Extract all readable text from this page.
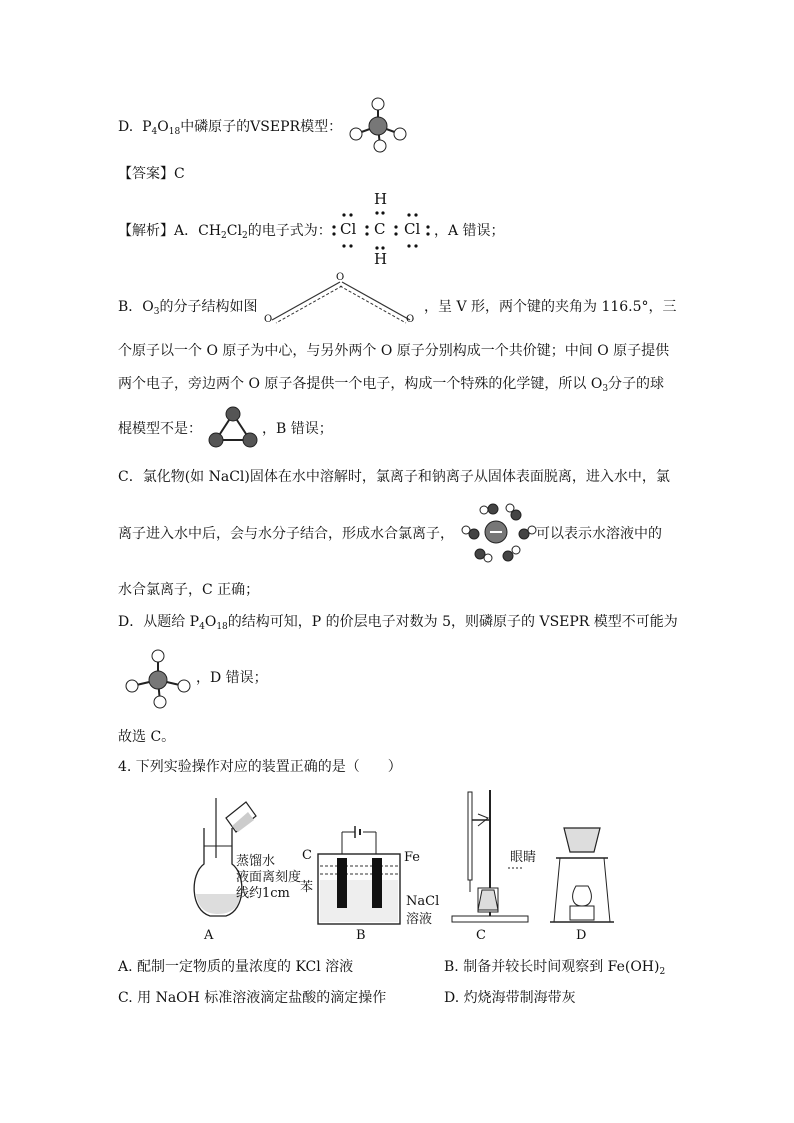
D. $P_4O_{18}$中磷原子的VSEPR模型：
【答案】C
【解析】A．$CH_2Cl_2$的电子式为：
H
Cl C Cl
H
，A 错误；
B．$O_3$的分子结构如图
O
O	O
，呈 V 形，两个键的夹角为 116.5°，三
个原子以一个 O 原子为中心，与另外两个 O 原子分别构成一个共价键；中间 O 原子提供
两个电子，旁边两个 O 原子各提供一个电子，构成一个特殊的化学键，所以 $O_3$分子的球
棍模型不是：	，B 错误；
C．氯化物(如 NaCl)固体在水中溶解时，氯离子和钠离子从固体表面脱离，进入水中，氯
离子进入水中后，会与水分子结合，形成水合氯离子，	可以表示水溶液中的
水合氯离子，C 正确；
D．从题给 $P_4O_{18}$的结构可知，P 的价层电子对数为 5，则磷原子的 VSEPR 模型不可能为
，D 错误；
故选 C。
4. 下列实验操作对应的装置正确的是（　　）
蒸馏水
液面离刻度
线约1cm
A
C	Fe
苯
NaCl
溶液
B
眼睛
C	D
A. 配制一定物质的量浓度的 KCl 溶液	B. 制备并较长时间观察到 $Fe(OH)_2$
C. 用 NaOH 标准溶液滴定盐酸的滴定操作	D. 灼烧海带制海带灰
